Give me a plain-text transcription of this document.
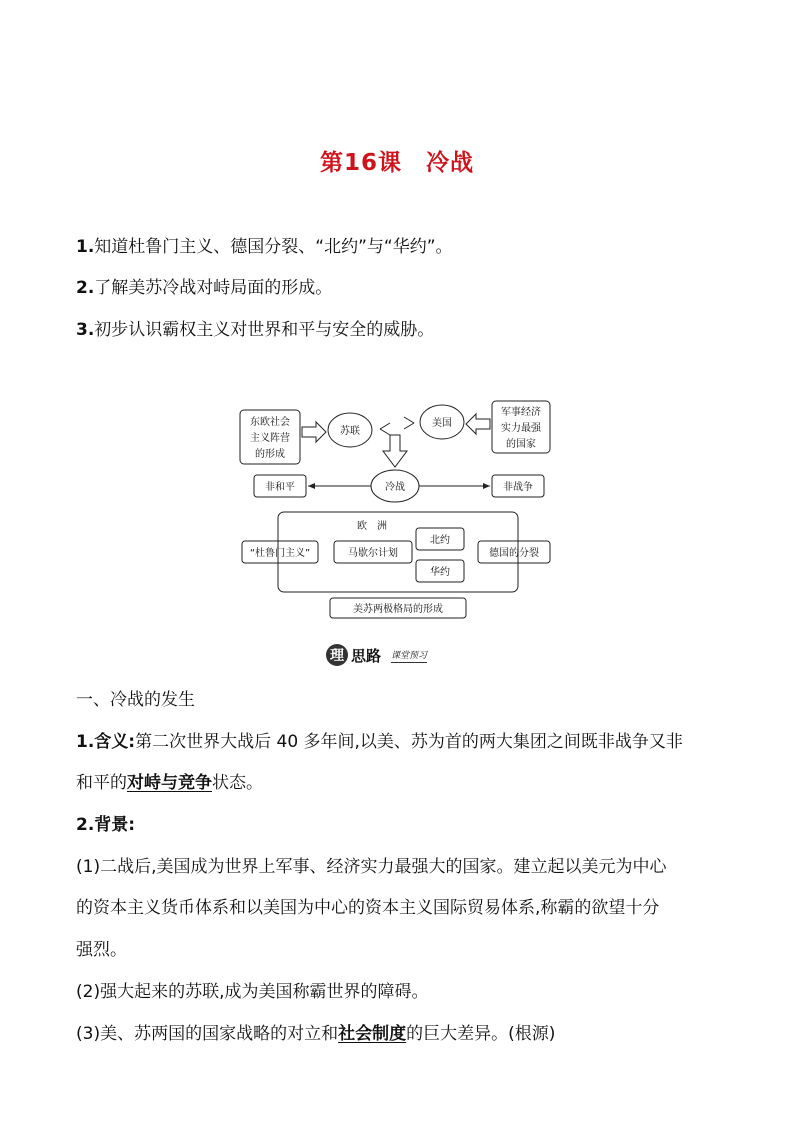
第16课 冷战
1.知道杜鲁门主义、德国分裂、“北约”与“华约”。
2.了解美苏冷战对峙局面的形成。
3.初步认识霸权主义对世界和平与安全的威胁。
东欧社会
主义阵营
的形成
苏联
美国
军事经济
实力最强
的国家
冷战
非和平	非战争
欧　洲
“杜鲁门主义”	马歇尔计划
北约
华约
德国的分裂
美苏两极格局的形成
理 思路 课堂预习
一、冷战的发生
1.含义:第二次世界大战后 40 多年间,以美、苏为首的两大集团之间既非战争又非
和平的对峙与竞争状态。
2.背景:
(1)二战后,美国成为世界上军事、经济实力最强大的国家。建立起以美元为中心
的资本主义货币体系和以美国为中心的资本主义国际贸易体系,称霸的欲望十分
强烈。
(2)强大起来的苏联,成为美国称霸世界的障碍。
(3)美、苏两国的国家战略的对立和社会制度的巨大差异。(根源)
